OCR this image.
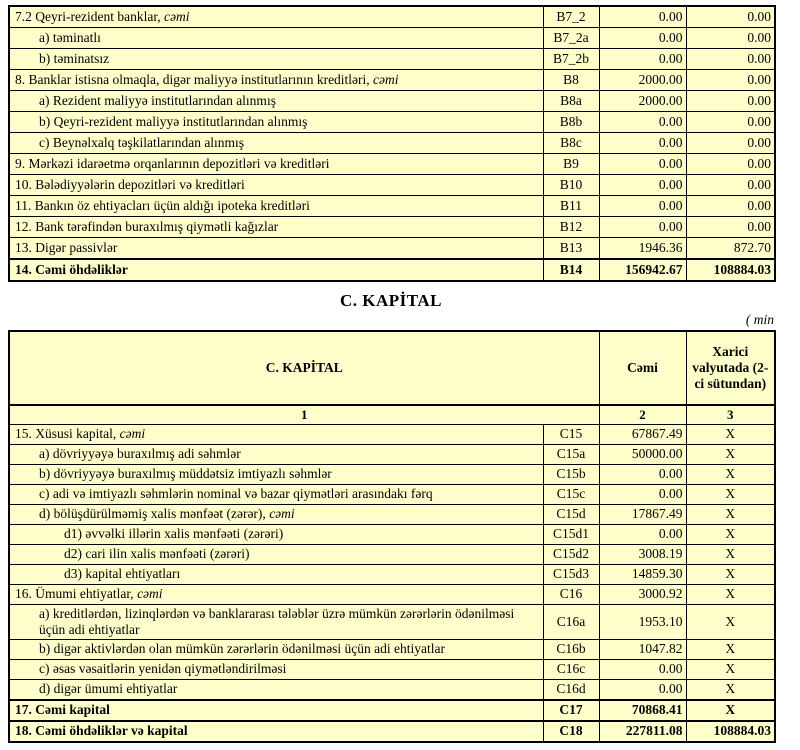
7.2 Qeyri-rezident banklar, cəmi	B7_2	0.00	0.00
a) təminatlı	B7_2a	0.00	0.00
b) təminatsız	B7_2b	0.00	0.00
8. Banklar istisna olmaqla, digər maliyyə institutlarının kreditləri, cəmi	B8	2000.00	0.00
a) Rezident maliyyə institutlarından alınmış	B8a	2000.00	0.00
b) Qeyri-rezident maliyyə institutlarından alınmış	B8b	0.00	0.00
c) Beynəlxalq təşkilatlarından alınmış	B8c	0.00	0.00
9. Mərkəzi idarəetmə orqanlarının depozitləri və kreditləri	B9	0.00	0.00
10. Bələdiyyələrin depozitləri və kreditləri	B10	0.00	0.00
11. Bankın öz ehtiyacları üçün aldığı ipoteka kreditləri	B11	0.00	0.00
12. Bank tərəfindən buraxılmış qiymətli kağızlar	B12	0.00	0.00
13. Digər passivlər	B13	1946.36	872.70
14. Cəmi öhdəliklər	B14	156942.67	108884.03
C. KAPİTAL
( min
C. KAPİTAL		Cəmi	Xarici valyutada (2-ci sütundan)
1		2	3
15. Xüsusi kapital, cəmi	C15	67867.49	X
a) dövriyyəyə buraxılmış adi səhmlər	C15a	50000.00	X
b) dövriyyəyə buraxılmış müddətsiz imtiyazlı səhmlər	C15b	0.00	X
c) adi və imtiyazlı səhmlərin nominal və bazar qiymətləri arasındakı fərq	C15c	0.00	X
d) bölüşdürülməmiş xalis mənfəət (zərər), cəmi	C15d	17867.49	X
d1) əvvəlki illərin xalis mənfəəti (zərəri)	C15d1	0.00	X
d2) cari ilin xalis mənfəəti (zərəri)	C15d2	3008.19	X
d3) kapital ehtiyatları	C15d3	14859.30	X
16. Ümumi ehtiyatlar, cəmi	C16	3000.92	X
a) kreditlərdən, lizinqlərdən və banklararası tələblər üzrə mümkün zərərlərin ödənilməsi üçün adi ehtiyatlar	C16a	1953.10	X
b) digər aktivlərdən olan mümkün zərərlərin ödənilməsi üçün adi ehtiyatlar	C16b	1047.82	X
c) əsas vəsaitlərin yenidən qiymətləndirilməsi	C16c	0.00	X
d) digər ümumi ehtiyatlar	C16d	0.00	X
17. Cəmi kapital	C17	70868.41	X
18. Cəmi öhdəliklər və kapital	C18	227811.08	108884.03
